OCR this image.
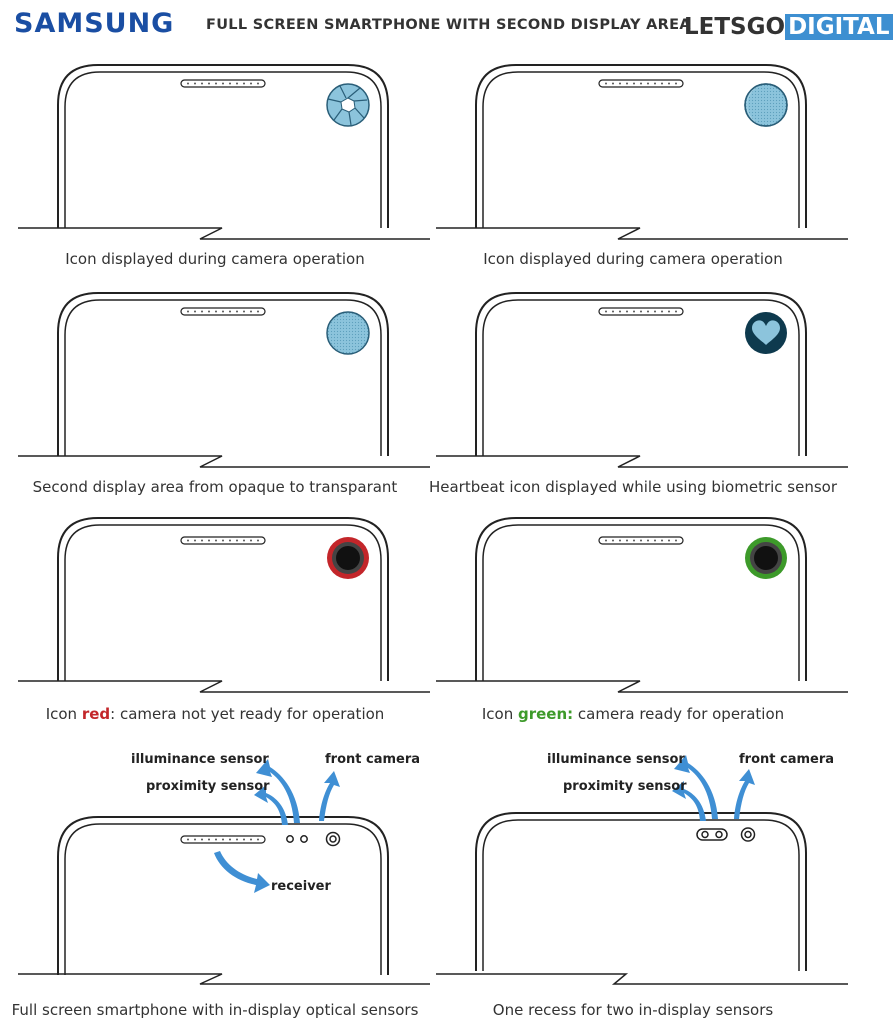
SAMSUNG FULL SCREEN SMARTPHONE WITH SECOND DISPLAY AREA
LETSGO DIGITAL
Icon displayed during camera operation	Icon displayed during camera operation
Second display area from opaque to transparant	Heartbeat icon displayed while using biometric sensor
Icon red: camera not yet ready for operation	Icon green: camera ready for operation
illuminance sensor
proximity sensor
front camera
receiver
Full screen smartphone with in-display optical sensors
illuminance sensor
proximity sensor
front camera
One recess for two in-display sensors
